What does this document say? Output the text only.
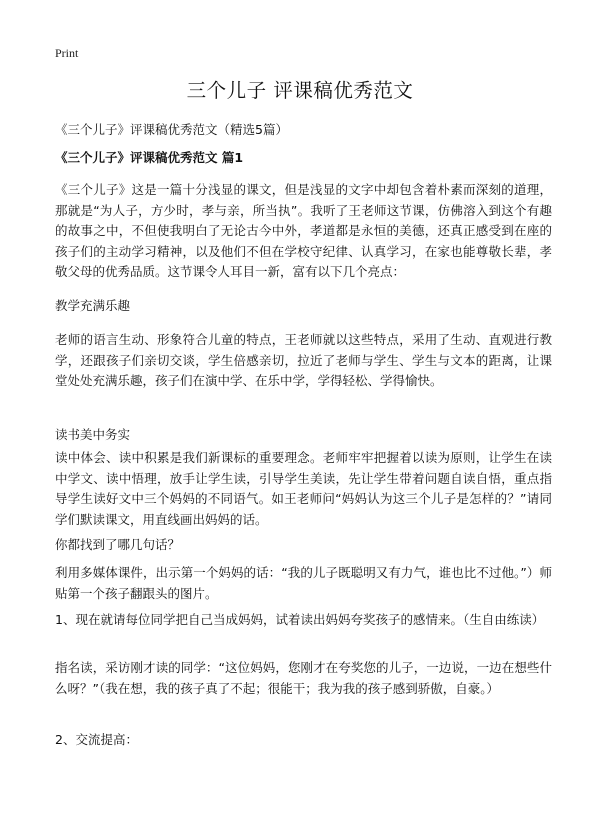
Print
三个儿子 评课稿优秀范文
《三个儿子》评课稿优秀范文（精选5篇）
《三个儿子》评课稿优秀范文 篇1

《三个儿子》这是一篇十分浅显的课文，但是浅显的文字中却包含着朴素而深刻的道理，那就是“为人子，方少时，孝与亲，所当执”。我听了王老师这节课，仿佛溶入到这个有趣的故事之中，不但使我明白了无论古今中外，孝道都是永恒的美德，还真正感受到在座的孩子们的主动学习精神，以及他们不但在学校守纪律、认真学习，在家也能尊敬长辈，孝敬父母的优秀品质。这节课令人耳目一新，富有以下几个亮点：

教学充满乐趣

老师的语言生动、形象符合儿童的特点，王老师就以这些特点，采用了生动、直观进行教学，还跟孩子们亲切交谈，学生倍感亲切，拉近了老师与学生、学生与文本的距离，让课堂处处充满乐趣，孩子们在演中学、在乐中学，学得轻松、学得愉快。

读书美中务实

读中体会、读中积累是我们新课标的重要理念。老师牢牢把握着以读为原则，让学生在读中学文、读中悟理，放手让学生读，引导学生美读，先让学生带着问题自读自悟，重点指导学生读好文中三个妈妈的不同语气。如王老师问“妈妈认为这三个儿子是怎样的？”请同学们默读课文，用直线画出妈妈的话。

你都找到了哪几句话？

利用多媒体课件，出示第一个妈妈的话：“我的儿子既聪明又有力气，谁也比不过他。”）师贴第一个孩子翻跟头的图片。

1、现在就请每位同学把自己当成妈妈，试着读出妈妈夸奖孩子的感情来。（生自由练读）

指名读，采访刚才读的同学：“这位妈妈，您刚才在夸奖您的儿子，一边说，一边在想些什么呀？”（我在想，我的孩子真了不起；很能干；我为我的孩子感到骄傲，自豪。）

2、交流提高：
